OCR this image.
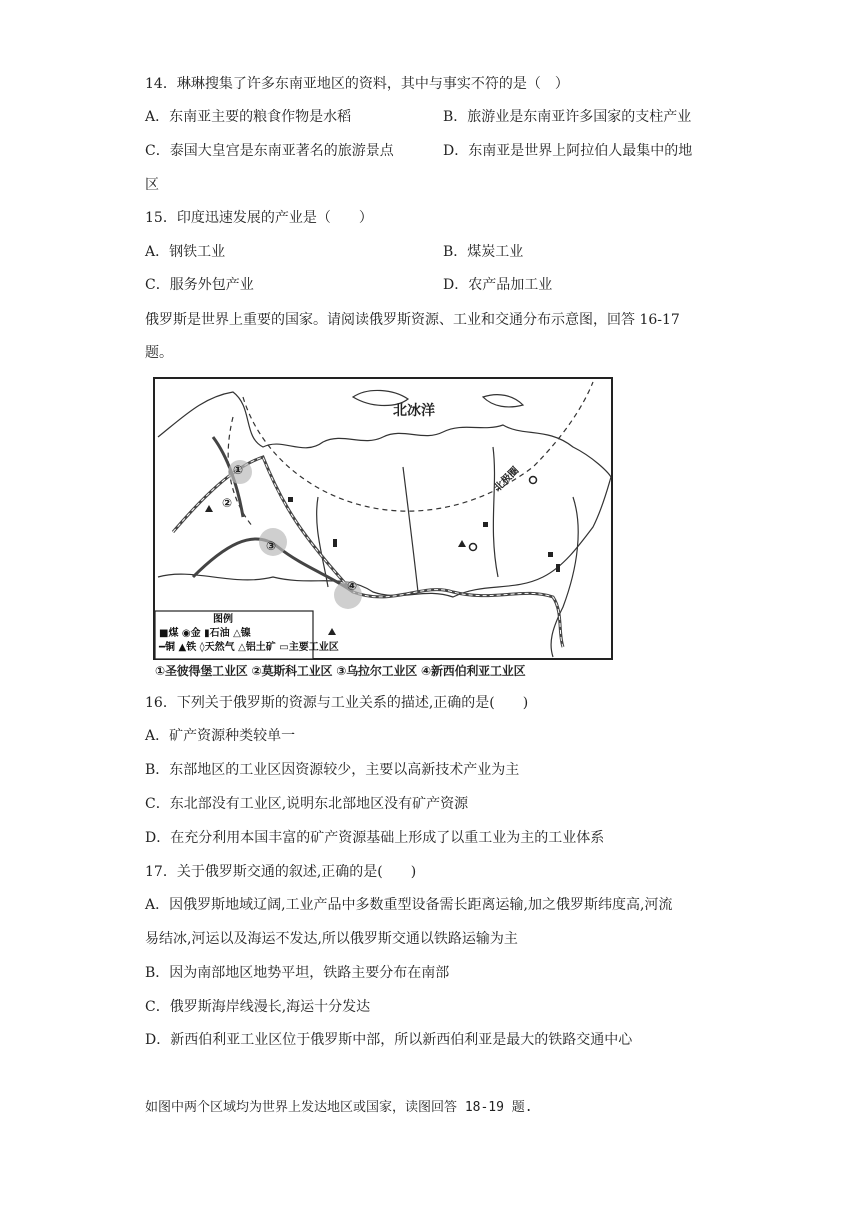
14．琳琳搜集了许多东南亚地区的资料，其中与事实不符的是（　）
A．东南亚主要的粮食作物是水稻	B．旅游业是东南亚许多国家的支柱产业
C．泰国大皇宫是东南亚著名的旅游景点	D．东南亚是世界上阿拉伯人最集中的地
区
15．印度迅速发展的产业是（　　）
A．钢铁工业	B．煤炭工业
C．服务外包产业	D．农产品加工业
俄罗斯是世界上重要的国家。请阅读俄罗斯资源、工业和交通分布示意图，回答 16-17
题。
北冰洋
北极圈
①
②
③
④
图例
■煤 ◉金 ▮石油 △镍
━铜 ▲铁 ◊天然气 △铝土矿 ▭主要工业区
①圣彼得堡工业区 ②莫斯科工业区 ③乌拉尔工业区 ④新西伯利亚工业区
16．下列关于俄罗斯的资源与工业关系的描述,正确的是(　　)
A．矿产资源种类较单一
B．东部地区的工业区因资源较少，主要以高新技术产业为主
C．东北部没有工业区,说明东北部地区没有矿产资源
D．在充分利用本国丰富的矿产资源基础上形成了以重工业为主的工业体系
17．关于俄罗斯交通的叙述,正确的是(　　)
A．因俄罗斯地域辽阔,工业产品中多数重型设备需长距离运输,加之俄罗斯纬度高,河流
易结冰,河运以及海运不发达,所以俄罗斯交通以铁路运输为主
B．因为南部地区地势平坦，铁路主要分布在南部
C．俄罗斯海岸线漫长,海运十分发达
D．新西伯利亚工业区位于俄罗斯中部，所以新西伯利亚是最大的铁路交通中心
如图中两个区域均为世界上发达地区或国家，读图回答 18-19 题.
